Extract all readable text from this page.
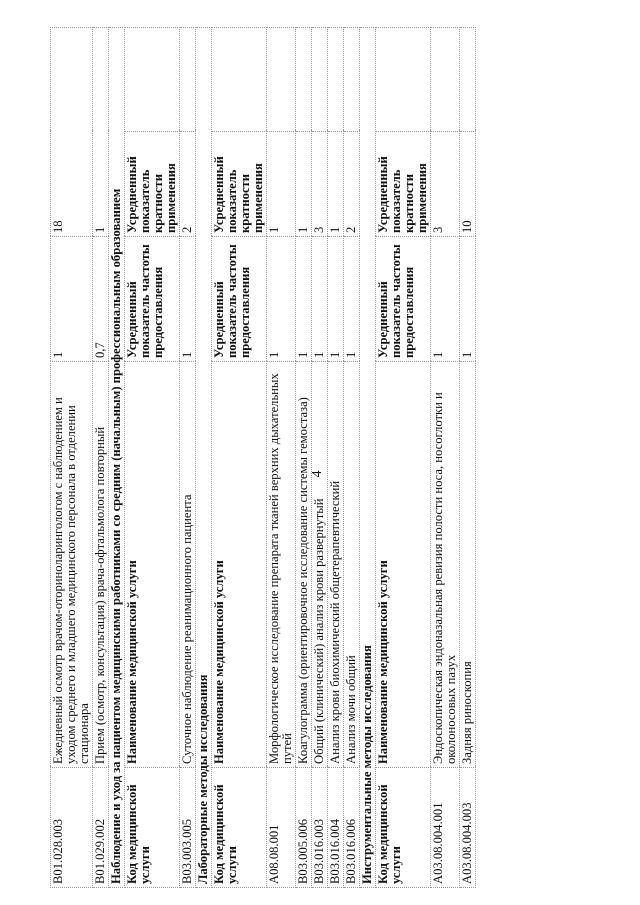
4
B01.028.003	Ежедневный осмотр врачом-оториноларингологом с наблюдением и уходом среднего и младшего медицинского персонала в отделении стационара	1	18	
B01.029.002	Прием (осмотр, консультация) врача-офтальмолога повторный	0,7	1	
Наблюдение и уход за пациентом медицинскими работниками со средним (начальным) профессиональным образованием				
Код медицинской услуги	Наименование медицинской услуги	Усредненный показатель частоты предоставления	Усредненный показатель кратности применения	
B03.003.005	Суточное наблюдение реанимационного пациента	1	2	
Лабораторные методы исследования				
Код медицинской услуги	Наименование медицинской услуги	Усредненный показатель частоты предоставления	Усредненный показатель кратности применения	
A08.08.001	Морфологическое исследование препарата тканей верхних дыхательных путей	1	1	
B03.005.006	Коагулограмма (ориентировочное исследование системы гемостаза)	1	1	
B03.016.003	Общий (клинический) анализ крови развернутый	1	3	
B03.016.004	Анализ крови биохимический общетерапевтический	1	1	
B03.016.006	Анализ мочи общий	1	2	
Инструментальные методы исследования				
Код медицинской услуги	Наименование медицинской услуги	Усредненный показатель частоты предоставления	Усредненный показатель кратности применения	
A03.08.004.001	Эндоскопическая эндоназальная ревизия полости носа, носоглотки и околоносовых пазух	1	3	
A03.08.004.003	Задняя риноскопия	1	10	
